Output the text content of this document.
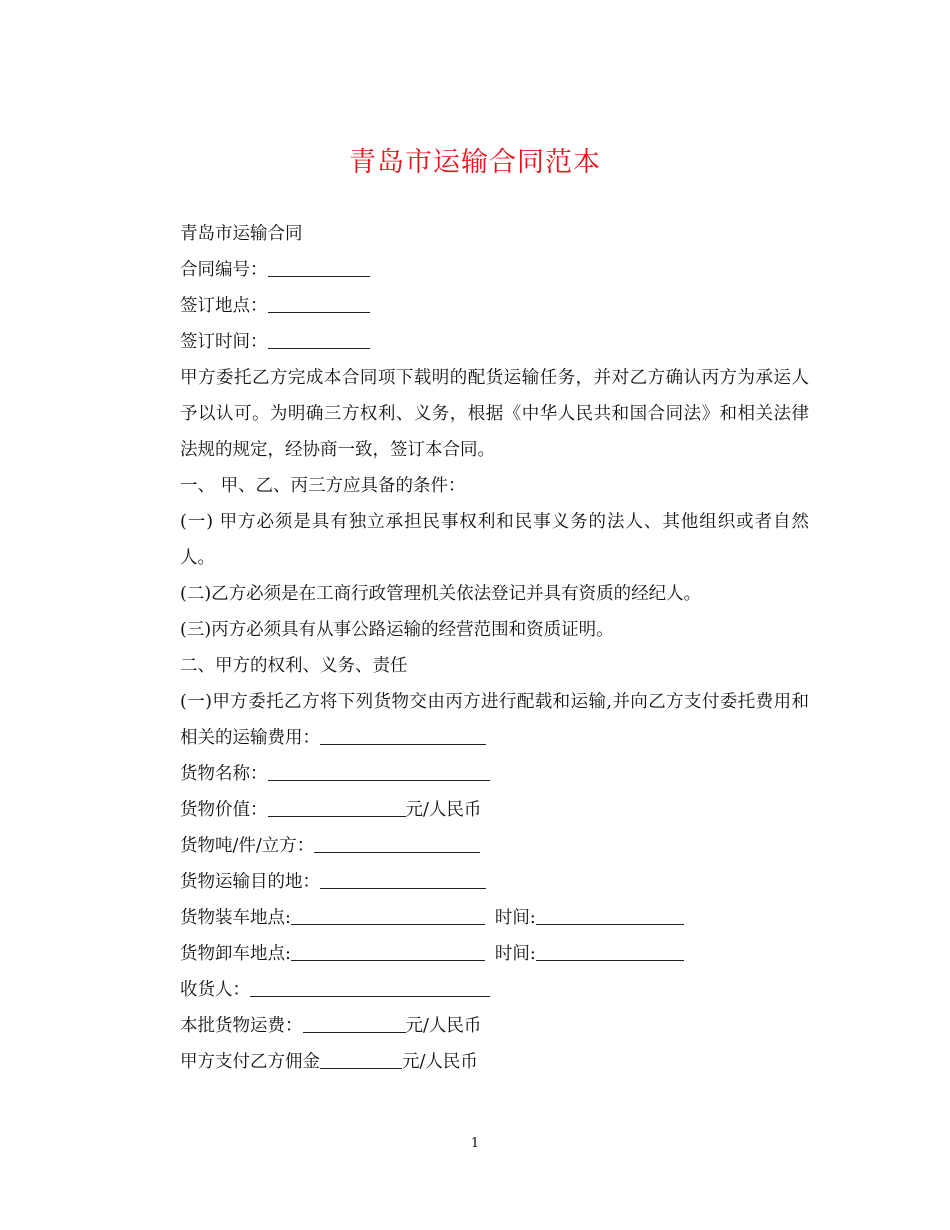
青岛市运输合同范本

青岛市运输合同

合同编号：

签订地点：

签订时间：

甲方委托乙方完成本合同项下载明的配货运输任务，并对乙方确认丙方为承运人予以认可。为明确三方权利、义务，根据《中华人民共和国合同法》和相关法律法规的规定，经协商一致，签订本合同。

一、 甲、乙、丙三方应具备的条件：

(一) 甲方必须是具有独立承担民事权利和民事义务的法人、其他组织或者自然人。

(二)乙方必须是在工商行政管理机关依法登记并具有资质的经纪人。

(三)丙方必须具有从事公路运输的经营范围和资质证明。

二、甲方的权利、义务、责任

(一)甲方委托乙方将下列货物交由丙方进行配载和运输,并向乙方支付委托费用和相关的运输费用：

货物名称：

货物价值：	元/人民币

货物吨/件/立方：

货物运输目的地：

货物装车地点:	时间:

货物卸车地点:	时间:

收货人：

本批货物运费：	元/人民币

甲方支付乙方佣金	元/人民币

1
